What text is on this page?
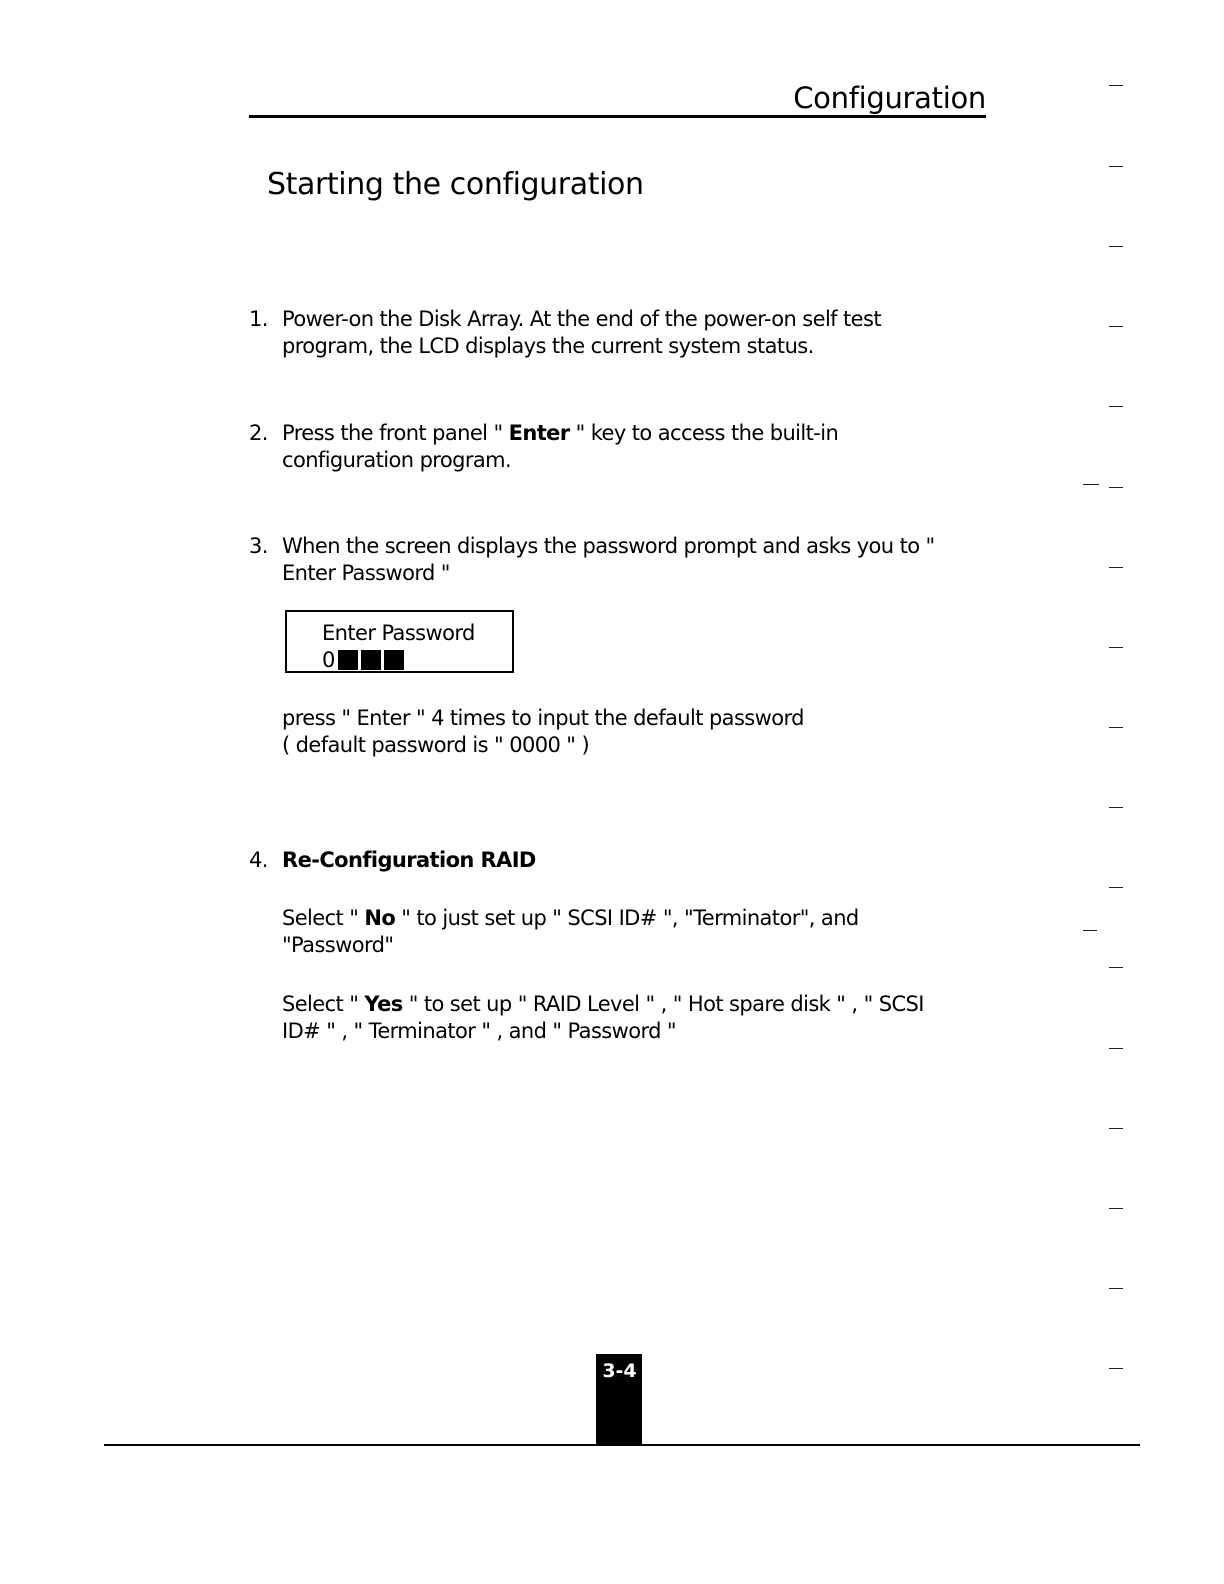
Configuration
Starting the configuration
1. Power-on the Disk Array. At the end of the power-on self test program, the LCD displays the current system status.

2. Press the front panel " Enter " key to access the built-in configuration program.

3. When the screen displays the password prompt and asks you to " Enter Password "

Enter Password
0

press " Enter " 4 times to input the default password

( default password is " 0000 " )

4. Re-Configuration RAID

Select " No " to just set up " SCSI ID# ", "Terminator", and "Password"

Select " Yes " to set up " RAID Level " , " Hot spare disk " , " SCSI ID# " , " Terminator " , and " Password "

3-4
